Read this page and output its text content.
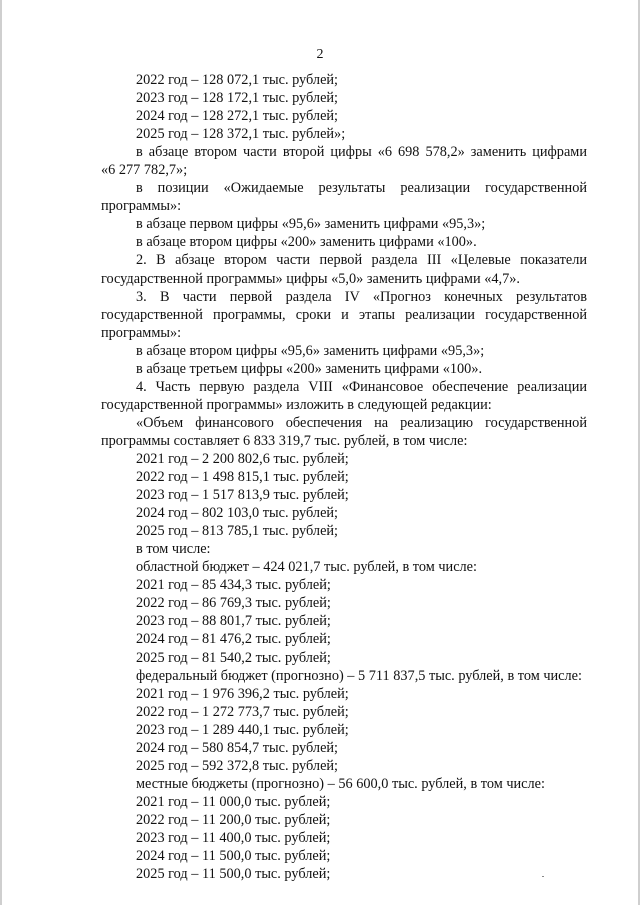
2
2022 год – 128 072,1 тыс. рублей;
2023 год – 128 172,1 тыс. рублей;
2024 год – 128 272,1 тыс. рублей;
2025 год – 128 372,1 тыс. рублей»;
в абзаце втором части второй цифры «6 698 578,2» заменить цифрами
«6 277 782,7»;
в позиции «Ожидаемые результаты реализации государственной
программы»:
в абзаце первом цифры «95,6» заменить цифрами «95,3»;
в абзаце втором цифры «200» заменить цифрами «100».
2. В абзаце втором части первой раздела III «Целевые показатели
государственной программы» цифры «5,0» заменить цифрами «4,7».
3. В части первой раздела IV «Прогноз конечных результатов
государственной программы, сроки и этапы реализации государственной
программы»:
в абзаце втором цифры «95,6» заменить цифрами «95,3»;
в абзаце третьем цифры «200» заменить цифрами «100».
4. Часть первую раздела VIII «Финансовое обеспечение реализации
государственной программы» изложить в следующей редакции:
«Объем финансового обеспечения на реализацию государственной
программы составляет 6 833 319,7 тыс. рублей, в том числе:
2021 год – 2 200 802,6 тыс. рублей;
2022 год – 1 498 815,1 тыс. рублей;
2023 год – 1 517 813,9 тыс. рублей;
2024 год – 802 103,0 тыс. рублей;
2025 год – 813 785,1 тыс. рублей;
в том числе:
областной бюджет – 424 021,7 тыс. рублей, в том числе:
2021 год – 85 434,3 тыс. рублей;
2022 год – 86 769,3 тыс. рублей;
2023 год – 88 801,7 тыс. рублей;
2024 год – 81 476,2 тыс. рублей;
2025 год – 81 540,2 тыс. рублей;
федеральный бюджет (прогнозно) – 5 711 837,5 тыс. рублей, в том числе:
2021 год – 1 976 396,2 тыс. рублей;
2022 год – 1 272 773,7 тыс. рублей;
2023 год – 1 289 440,1 тыс. рублей;
2024 год – 580 854,7 тыс. рублей;
2025 год – 592 372,8 тыс. рублей;
местные бюджеты (прогнозно) – 56 600,0 тыс. рублей, в том числе:
2021 год – 11 000,0 тыс. рублей;
2022 год – 11 200,0 тыс. рублей;
2023 год – 11 400,0 тыс. рублей;
2024 год – 11 500,0 тыс. рублей;
2025 год – 11 500,0 тыс. рублей;
